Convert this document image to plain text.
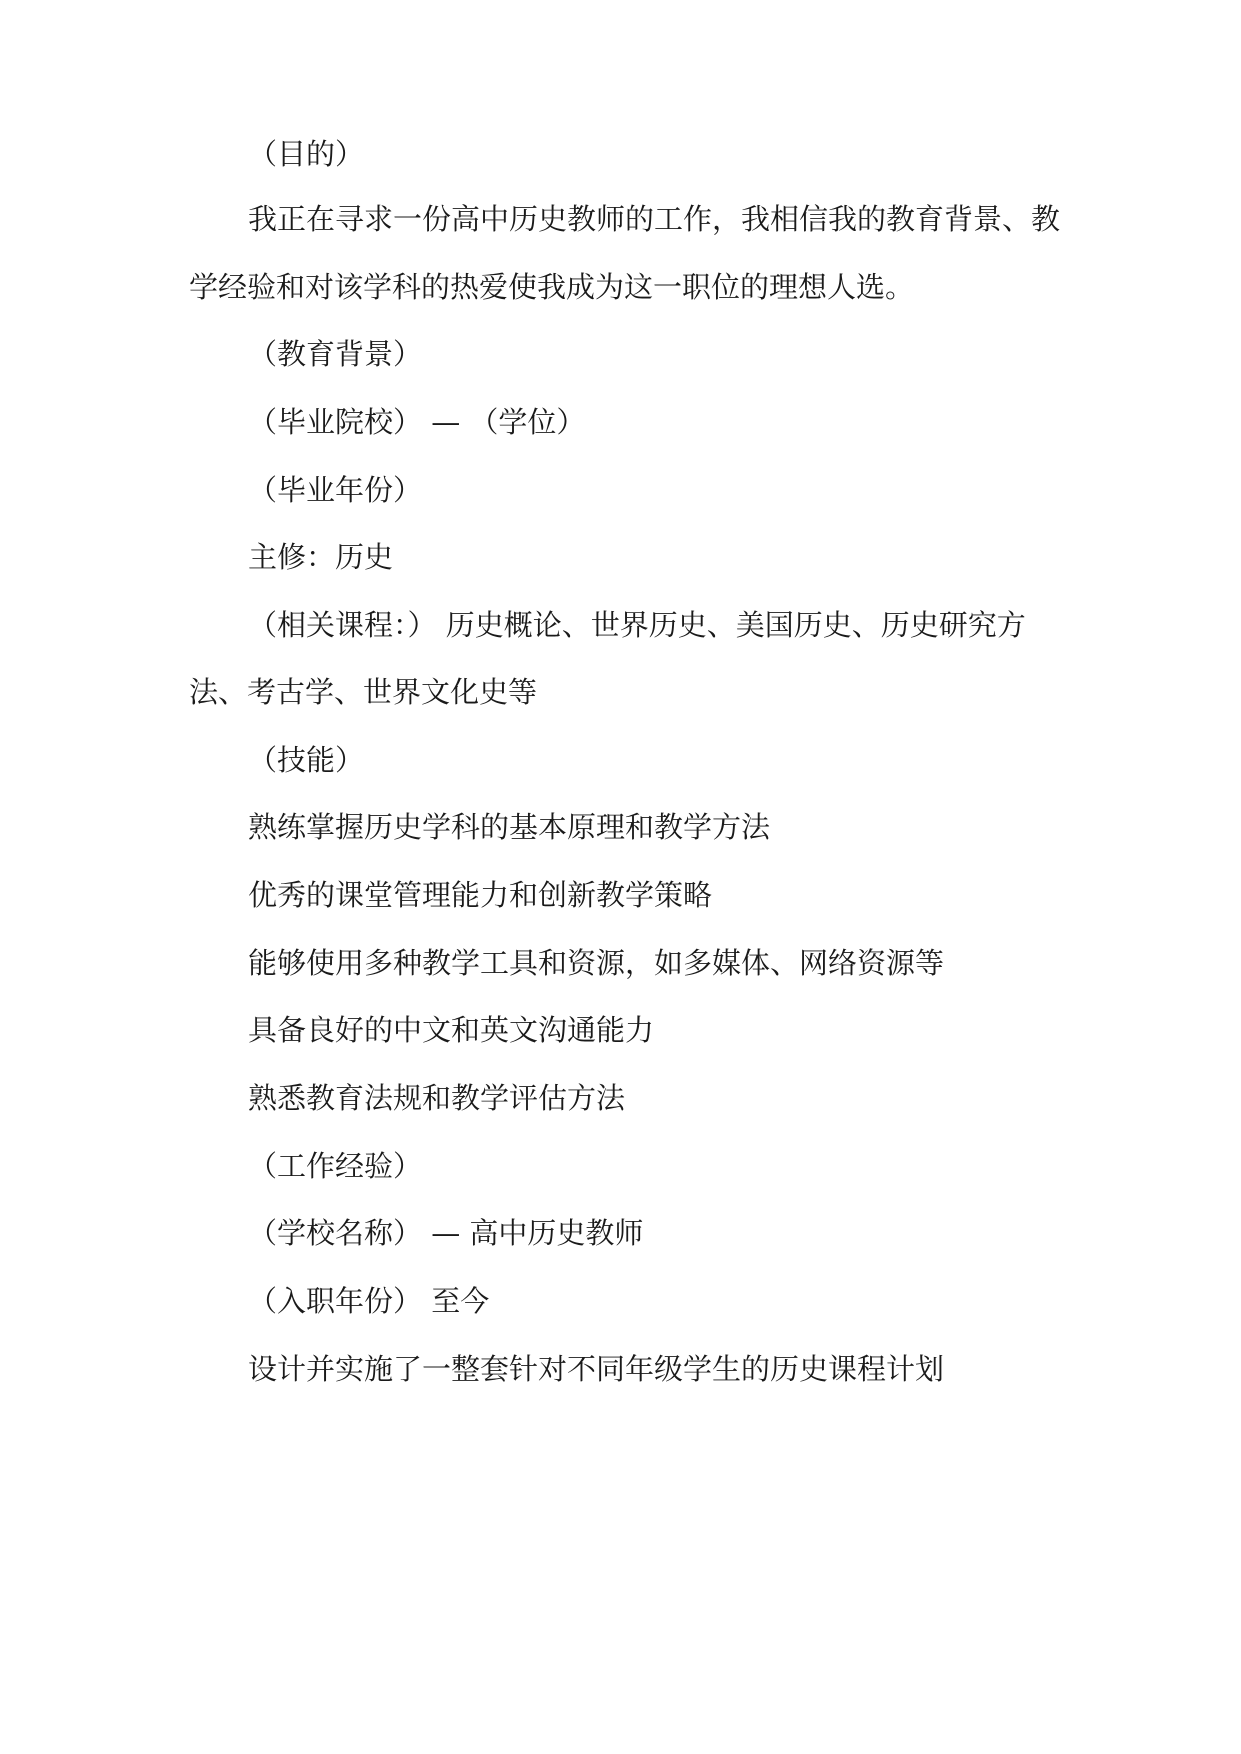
（目的）
我正在寻求一份高中历史教师的工作，我相信我的教育背景、教
学经验和对该学科的热爱使我成为这一职位的理想人选。
（教育背景）
（毕业院校） — （学位）
（毕业年份）
主修：历史
（相关课程：） 历史概论、世界历史、美国历史、历史研究方
法、考古学、世界文化史等
（技能）
熟练掌握历史学科的基本原理和教学方法
优秀的课堂管理能力和创新教学策略
能够使用多种教学工具和资源，如多媒体、网络资源等
具备良好的中文和英文沟通能力
熟悉教育法规和教学评估方法
（工作经验）
（学校名称） — 高中历史教师
（入职年份） 至今
设计并实施了一整套针对不同年级学生的历史课程计划
